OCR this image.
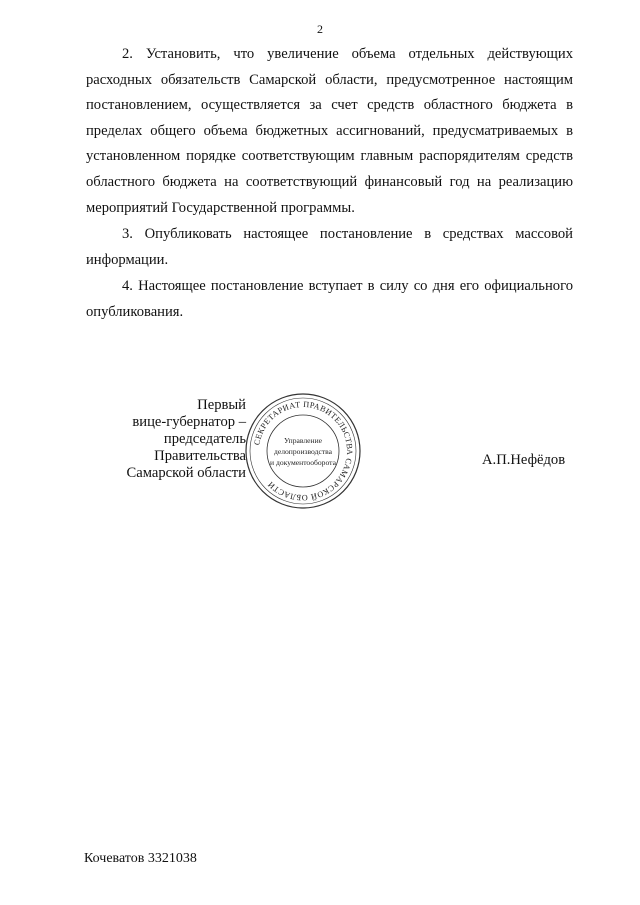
2

2. Установить, что увеличение объема отдельных действующих расходных обязательств Самарской области, предусмотренное настоящим постановлением, осуществляется за счет средств областного бюджета в пределах общего объема бюджетных ассигнований, предусматриваемых в установленном порядке соответствующим главным распорядителям средств областного бюджета на соответствующий финансовый год на реализацию мероприятий Государственной программы.

3. Опубликовать настоящее постановление в средствах массовой информации.

4. Настоящее постановление вступает в силу со дня его официального опубликования.

Первый
вице-губернатор –
председатель Правительства
Самарской области
СЕКРЕТАРИАТ ПРАВИТЕЛЬСТВА САМАРСКОЙ ОБЛАСТИ
Управление
делопроизводства
и документооборота	А.П.Нефёдов
Кочеватов 3321038
